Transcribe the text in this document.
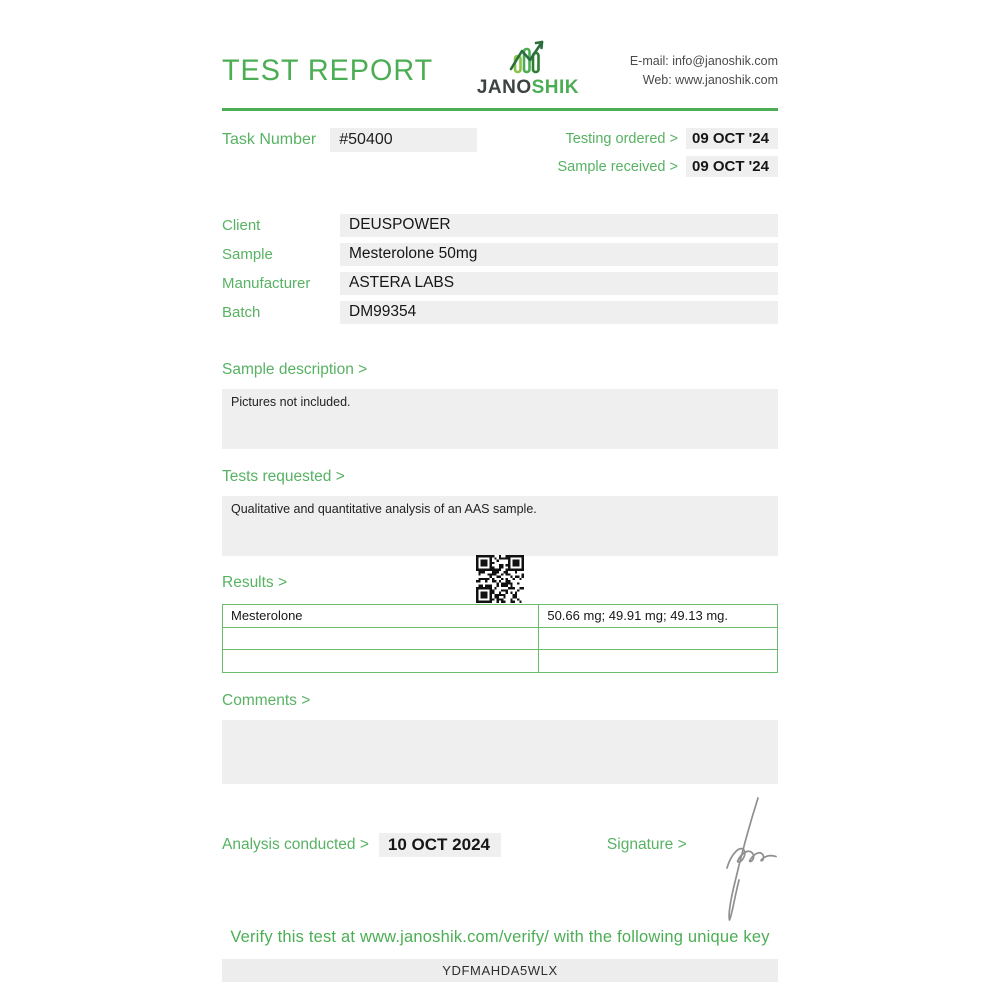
TEST REPORT
JANOSHIK
E-mail: info@janoshik.com
Web: www.janoshik.com
Task Number	#50400	Testing ordered > 09 OCT '24
Sample received > 09 OCT '24
Client	DEUSPOWER
Sample	Mesterolone 50mg
Manufacturer	ASTERA LABS
Batch	DM99354
Sample description >
Pictures not included.
Tests requested >
Qualitative and quantitative analysis of an AAS sample.
Results >
Mesterolone	50.66 mg; 49.91 mg; 49.13 mg.

Comments >
Analysis conducted >	10 OCT 2024	Signature >
Verify this test at www.janoshik.com/verify/ with the following unique key
YDFMAHDA5WLX
